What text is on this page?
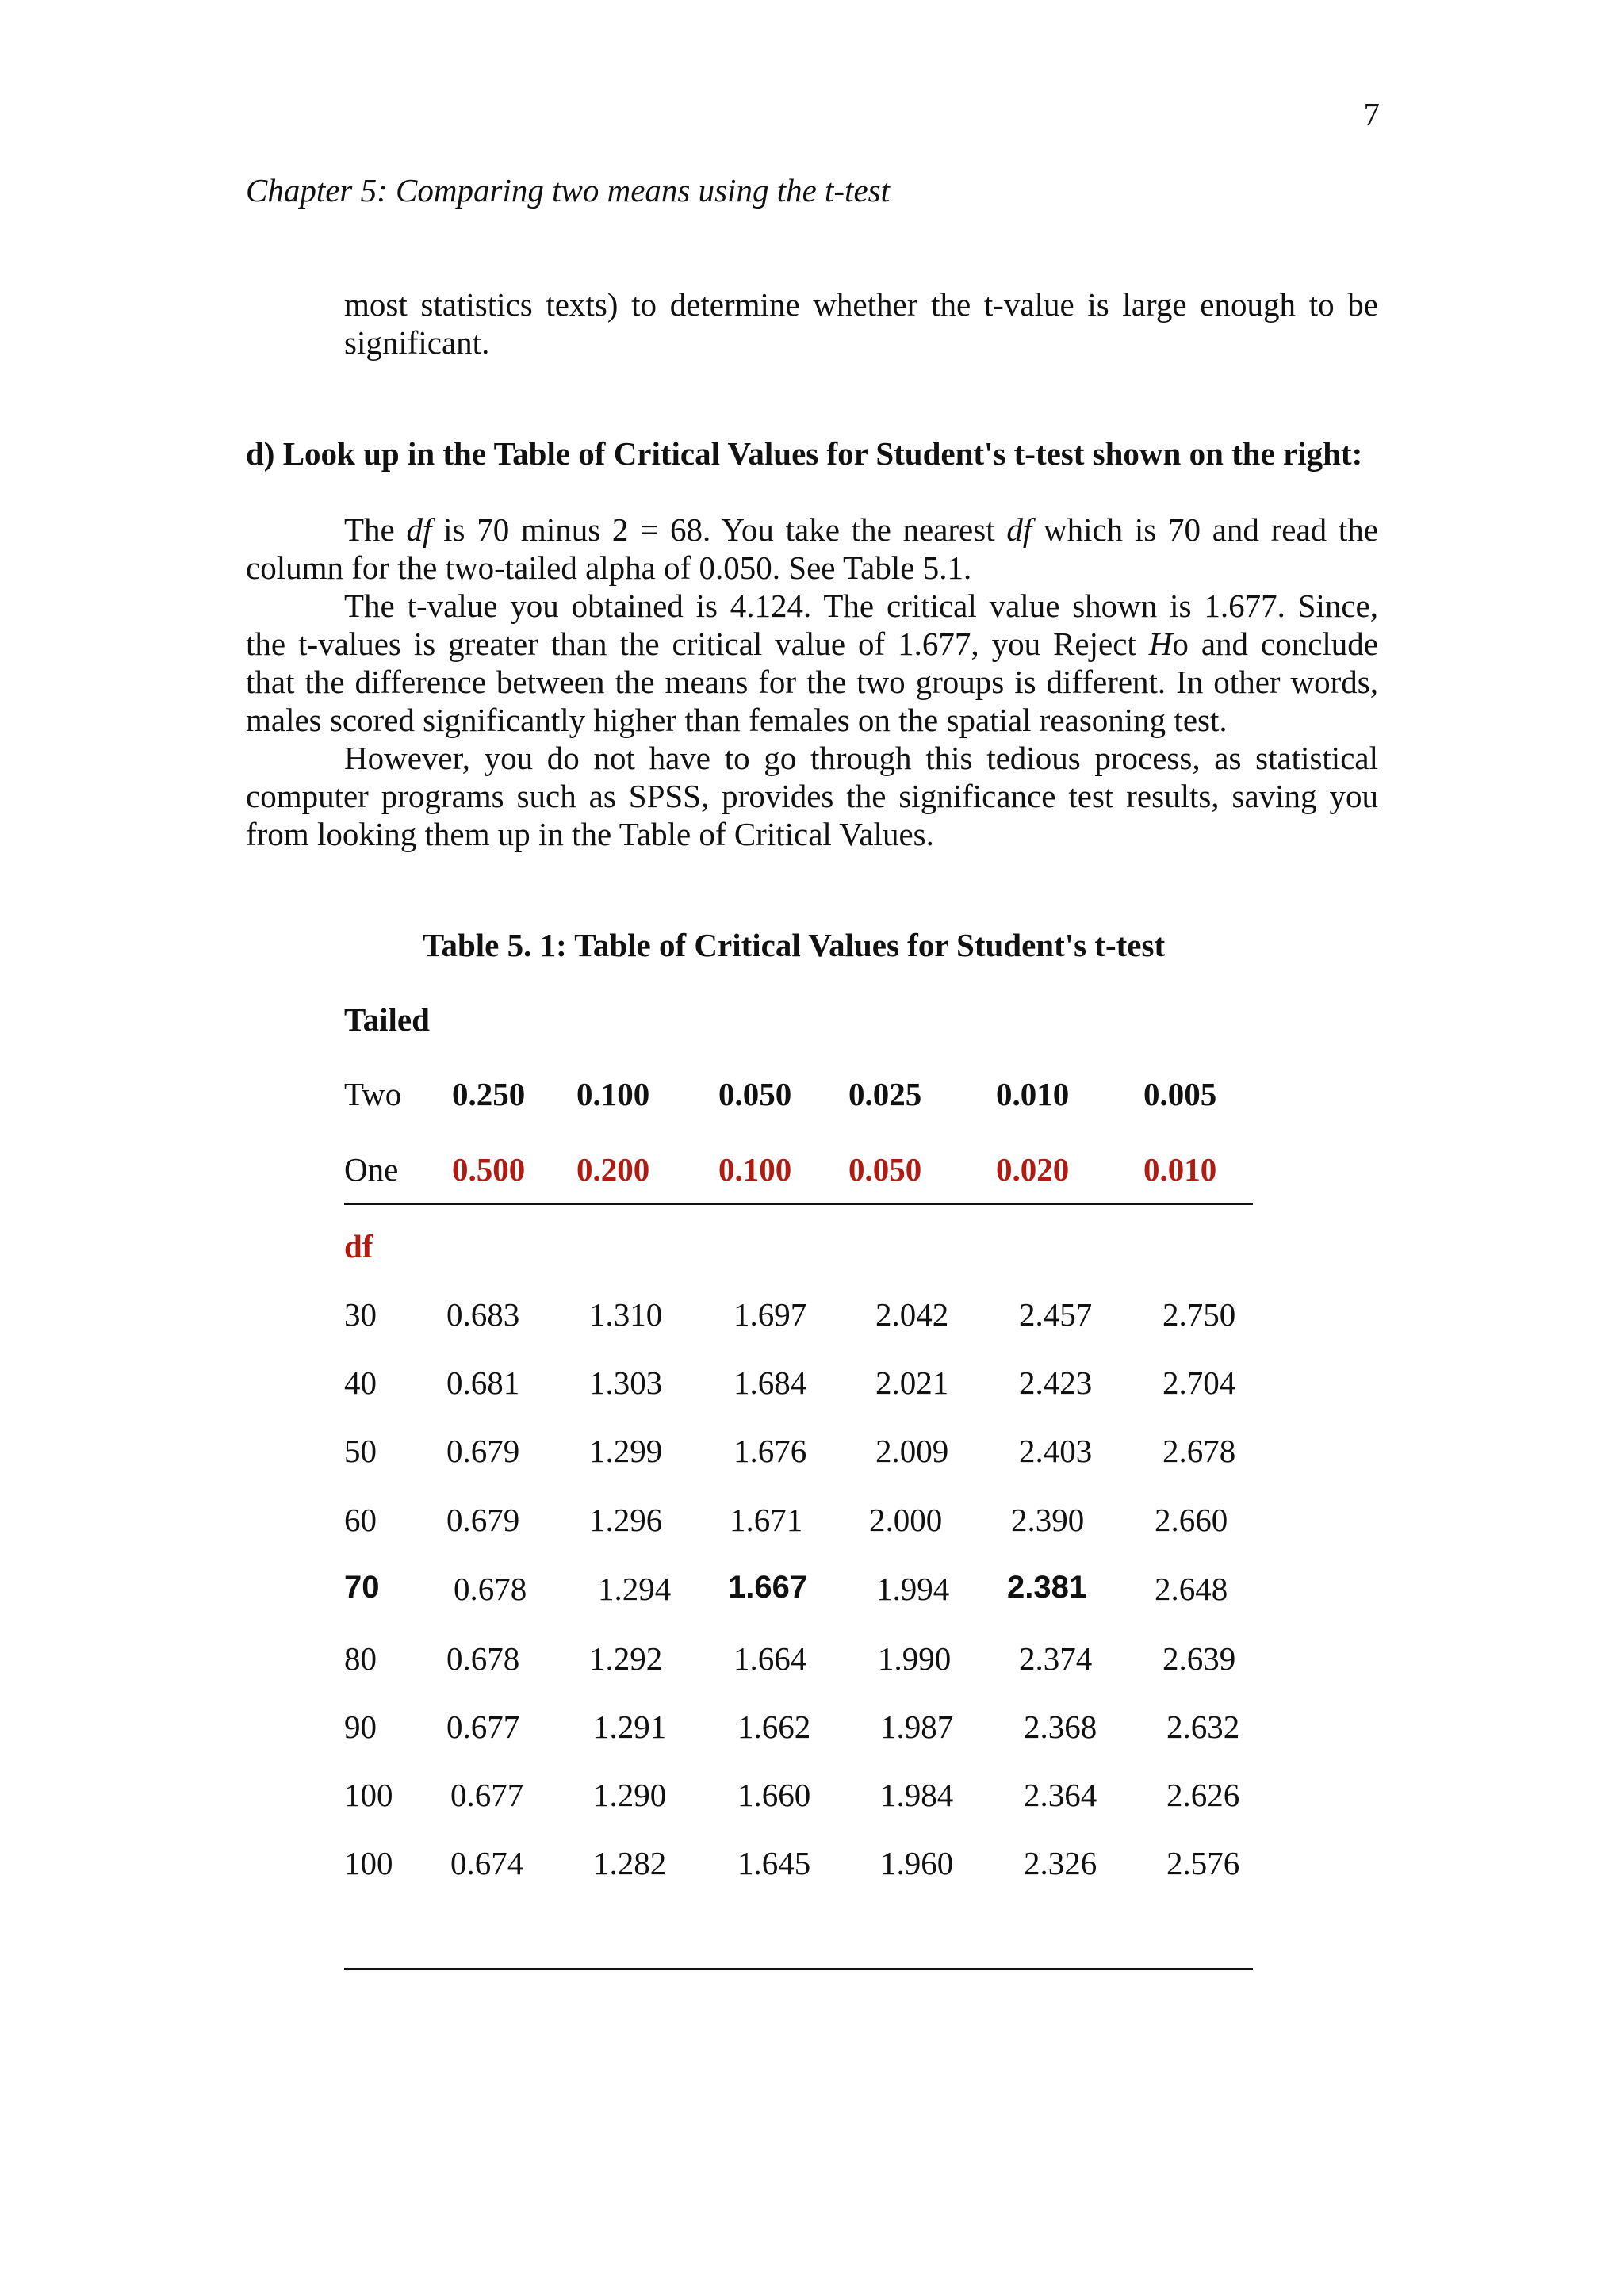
7
Chapter 5: Comparing two means using the t-test
most statistics texts) to determine whether the t-value is large enough to be significant.
d) Look up in the Table of Critical Values for Student's t-test shown on the right:
The df is 70 minus 2 = 68. You take the nearest df which is 70 and read the
column for the two-tailed alpha of 0.050. See Table 5.1.
The t-value you obtained is 4.124. The critical value shown is 1.677. Since,
the t-values is greater than the critical value of 1.677, you Reject Ho and conclude
that the difference between the means for the two groups is different. In other words,
males scored significantly higher than females on the spatial reasoning test.
However, you do not have to go through this tedious process, as statistical
computer programs such as SPSS, provides the significance test results, saving you
from looking them up in the Table of Critical Values.
Table 5. 1: Table of Critical Values for Student's t-test
Tailed
Two
One
0.250 0.100 0.050 0.025 0.010 0.005
0.500 0.200 0.100 0.050 0.020 0.010
df
30 0.683 1.310 1.697 2.042 2.457 2.750
40 0.681 1.303 1.684 2.021 2.423 2.704
50 0.679 1.299 1.676 2.009 2.403 2.678
60 0.679 1.296 1.671 2.000 2.390 2.660
70 0.678 1.294 1.667 1.994 2.381 2.648
80 0.678 1.292 1.664 1.990 2.374 2.639
90 0.677 1.291 1.662 1.987 2.368 2.632
100 0.677 1.290 1.660 1.984 2.364 2.626
100 0.674 1.282 1.645 1.960 2.326 2.576
